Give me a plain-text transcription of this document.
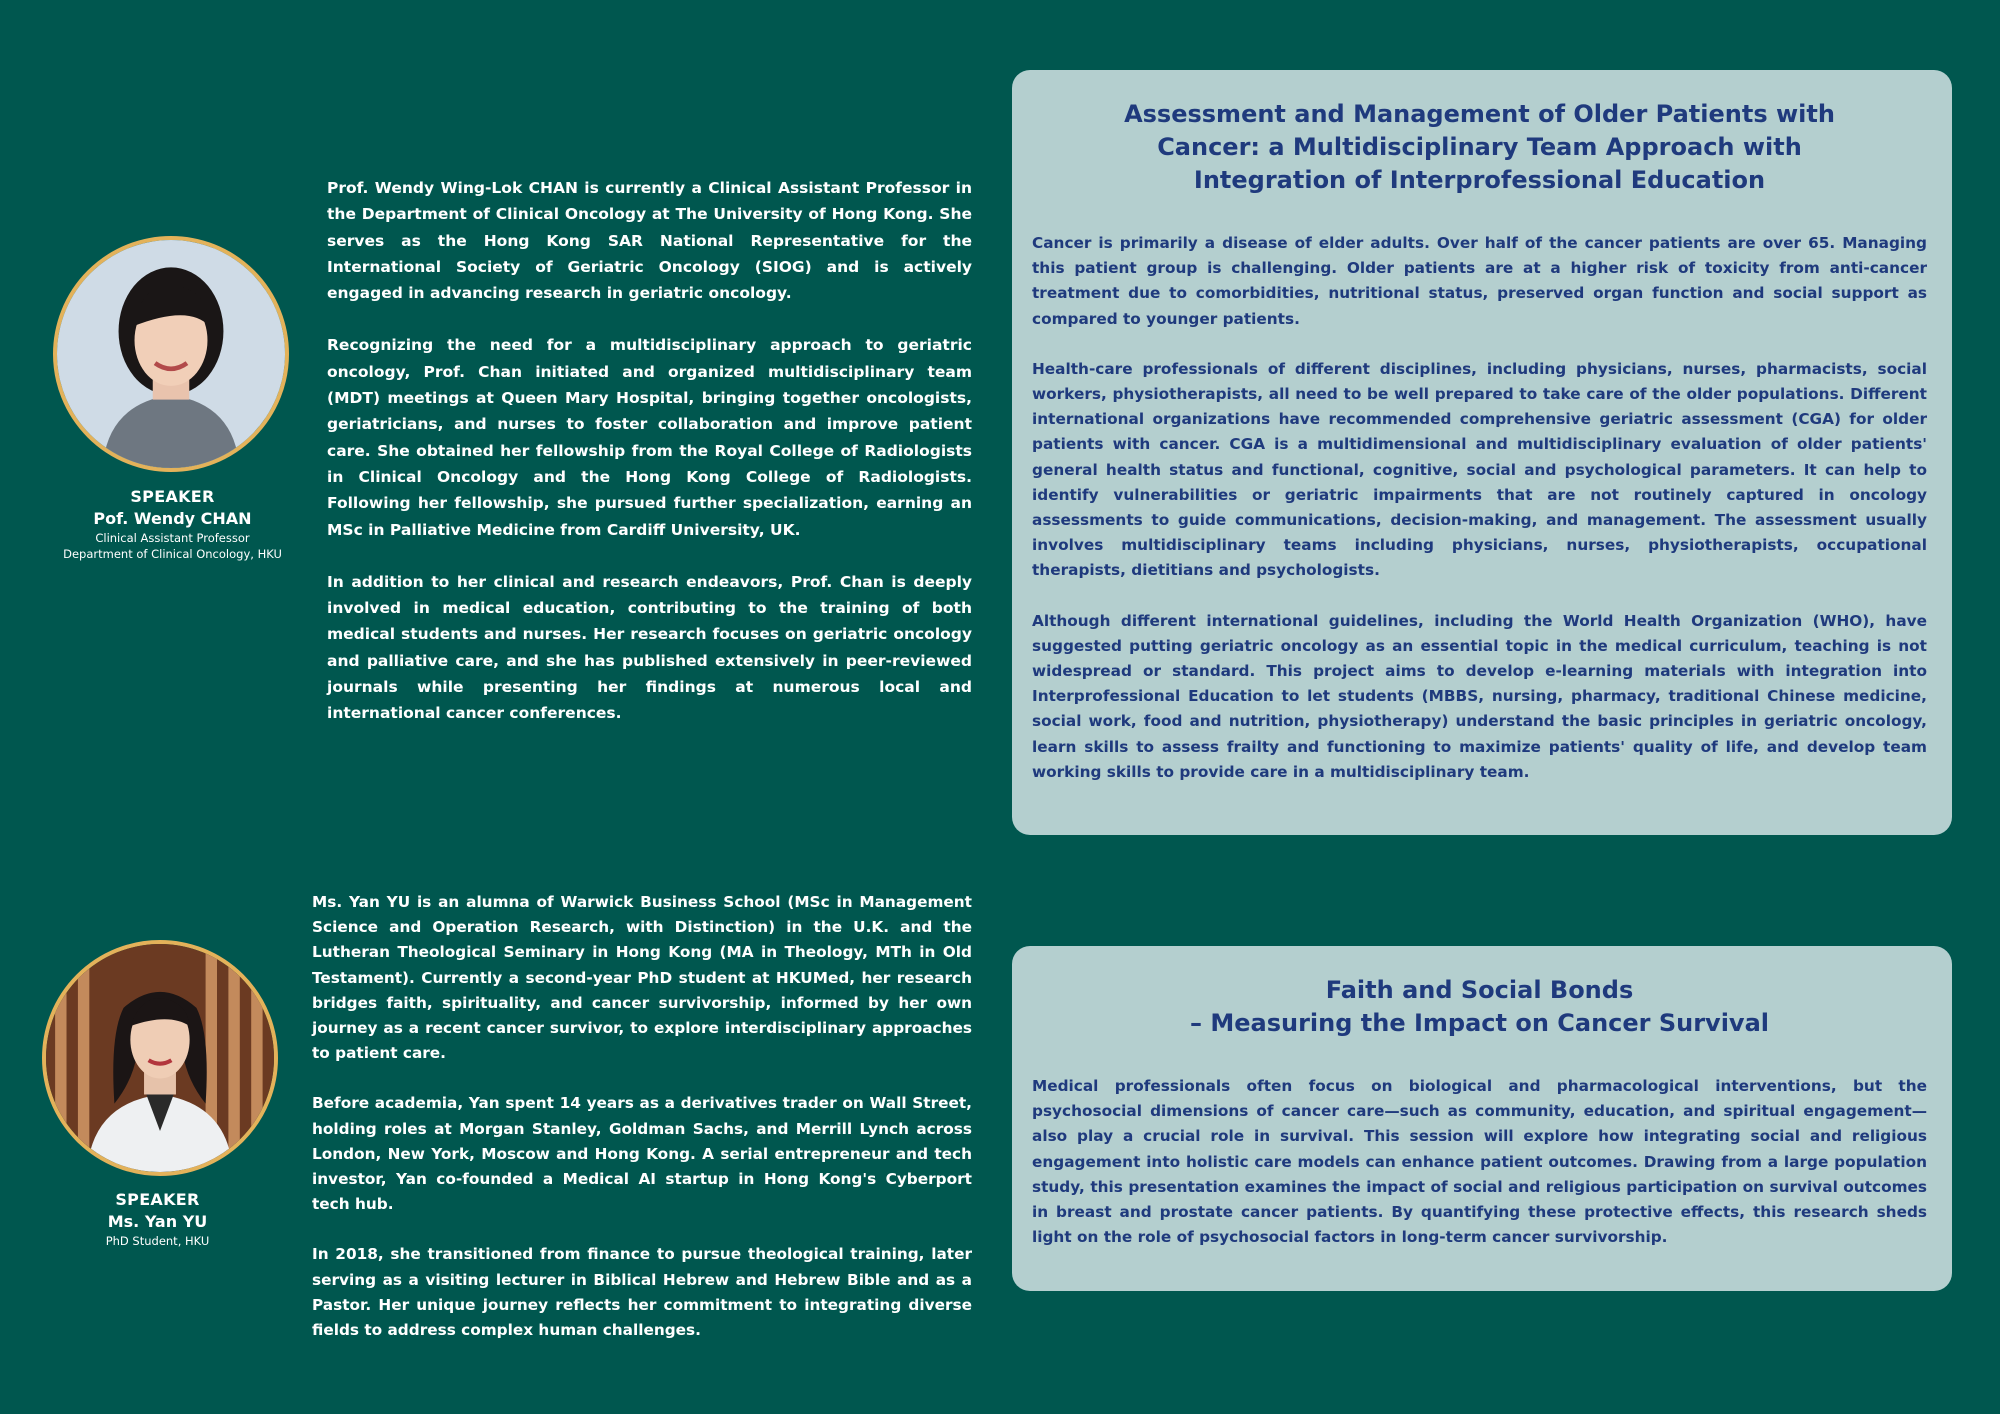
SPEAKER
Pof. Wendy CHAN
Clinical Assistant Professor
Department of Clinical Oncology, HKU

Prof. Wendy Wing-Lok CHAN is currently a Clinical Assistant Professor in the Department of Clinical Oncology at The University of Hong Kong. She serves as the Hong Kong SAR National Representative for the International Society of Geriatric Oncology (SIOG) and is actively engaged in advancing research in geriatric oncology.

Recognizing the need for a multidisciplinary approach to geriatric oncology, Prof. Chan initiated and organized multidisciplinary team (MDT) meetings at Queen Mary Hospital, bringing together oncologists, geriatricians, and nurses to foster collaboration and improve patient care. She obtained her fellowship from the Royal College of Radiologists in Clinical Oncology and the Hong Kong College of Radiologists. Following her fellowship, she pursued further specialization, earning an MSc in Palliative Medicine from Cardiff University, UK.

In addition to her clinical and research endeavors, Prof. Chan is deeply involved in medical education, contributing to the training of both medical students and nurses. Her research focuses on geriatric oncology and palliative care, and she has published extensively in peer-reviewed journals while presenting her findings at numerous local and international cancer conferences.

Assessment and Management of Older Patients with
Cancer: a Multidisciplinary Team Approach with
Integration of Interprofessional Education

Cancer is primarily a disease of elder adults. Over half of the cancer patients are over 65. Managing this patient group is challenging. Older patients are at a higher risk of toxicity from anti-cancer treatment due to comorbidities, nutritional status, preserved organ function and social support as compared to younger patients.

Health-care professionals of different disciplines, including physicians, nurses, pharmacists, social workers, physiotherapists, all need to be well prepared to take care of the older populations. Different international organizations have recommended comprehensive geriatric assessment (CGA) for older patients with cancer. CGA is a multidimensional and multidisciplinary evaluation of older patients' general health status and functional, cognitive, social and psychological parameters. It can help to identify vulnerabilities or geriatric impairments that are not routinely captured in oncology assessments to guide communications, decision-making, and management. The assessment usually involves multidisciplinary teams including physicians, nurses, physiotherapists, occupational therapists, dietitians and psychologists.

Although different international guidelines, including the World Health Organization (WHO), have suggested putting geriatric oncology as an essential topic in the medical curriculum, teaching is not widespread or standard. This project aims to develop e-learning materials with integration into Interprofessional Education to let students (MBBS, nursing, pharmacy, traditional Chinese medicine, social work, food and nutrition, physiotherapy) understand the basic principles in geriatric oncology, learn skills to assess frailty and functioning to maximize patients' quality of life, and develop team working skills to provide care in a multidisciplinary team.

SPEAKER
Ms. Yan YU
PhD Student, HKU

Ms. Yan YU is an alumna of Warwick Business School (MSc in Management Science and Operation Research, with Distinction) in the U.K. and the Lutheran Theological Seminary in Hong Kong (MA in Theology, MTh in Old Testament). Currently a second-year PhD student at HKUMed, her research bridges faith, spirituality, and cancer survivorship, informed by her own journey as a recent cancer survivor, to explore interdisciplinary approaches to patient care.

Before academia, Yan spent 14 years as a derivatives trader on Wall Street, holding roles at Morgan Stanley, Goldman Sachs, and Merrill Lynch across London, New York, Moscow and Hong Kong. A serial entrepreneur and tech investor, Yan co-founded a Medical AI startup in Hong Kong's Cyberport tech hub.

In 2018, she transitioned from finance to pursue theological training, later serving as a visiting lecturer in Biblical Hebrew and Hebrew Bible and as a Pastor. Her unique journey reflects her commitment to integrating diverse fields to address complex human challenges.

Faith and Social Bonds
– Measuring the Impact on Cancer Survival

Medical professionals often focus on biological and pharmacological interventions, but the psychosocial dimensions of cancer care—such as community, education, and spiritual engagement—also play a crucial role in survival. This session will explore how integrating social and religious engagement into holistic care models can enhance patient outcomes. Drawing from a large population study, this presentation examines the impact of social and religious participation on survival outcomes in breast and prostate cancer patients. By quantifying these protective effects, this research sheds light on the role of psychosocial factors in long-term cancer survivorship.
